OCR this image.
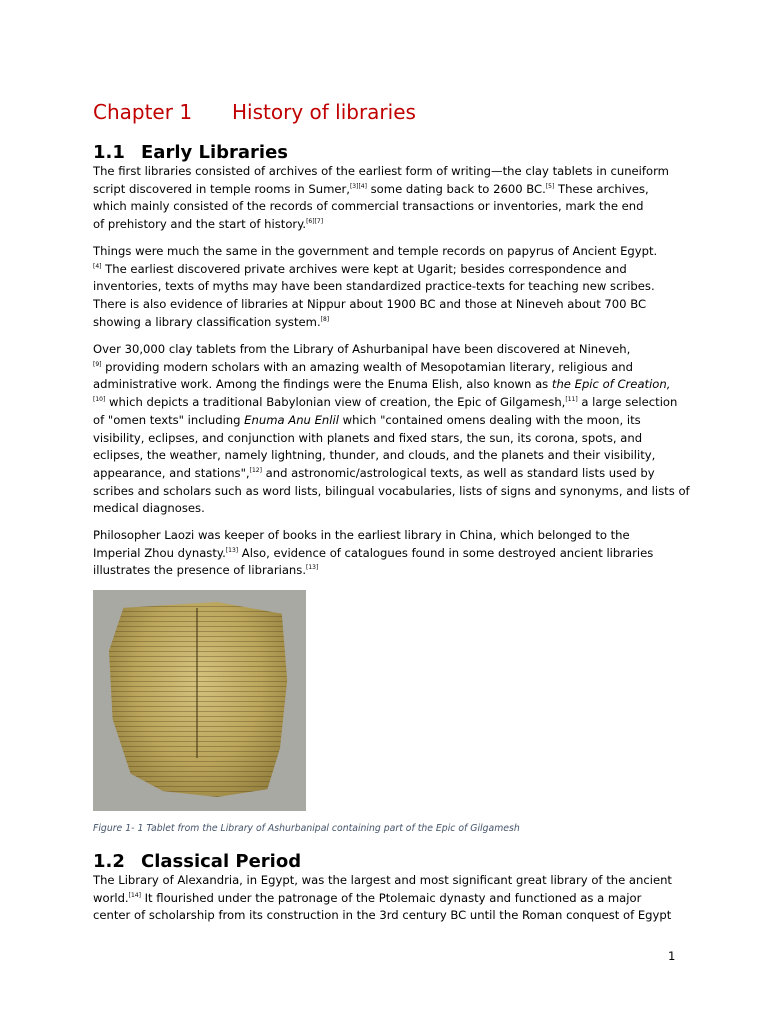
Chapter 1 History of libraries
1.1 Early Libraries
The first libraries consisted of archives of the earliest form of writing—the clay tablets in cuneiform
script discovered in temple rooms in Sumer,[3][4] some dating back to 2600 BC.[5] These archives,
which mainly consisted of the records of commercial transactions or inventories, mark the end
of prehistory and the start of history.[6][7]
Things were much the same in the government and temple records on papyrus of Ancient Egypt.
[4] The earliest discovered private archives were kept at Ugarit; besides correspondence and
inventories, texts of myths may have been standardized practice-texts for teaching new scribes.
There is also evidence of libraries at Nippur about 1900 BC and those at Nineveh about 700 BC
showing a library classification system.[8]
Over 30,000 clay tablets from the Library of Ashurbanipal have been discovered at Nineveh,
[9] providing modern scholars with an amazing wealth of Mesopotamian literary, religious and
administrative work. Among the findings were the Enuma Elish, also known as the Epic of Creation,
[10] which depicts a traditional Babylonian view of creation, the Epic of Gilgamesh,[11] a large selection
of "omen texts" including Enuma Anu Enlil which "contained omens dealing with the moon, its
visibility, eclipses, and conjunction with planets and fixed stars, the sun, its corona, spots, and
eclipses, the weather, namely lightning, thunder, and clouds, and the planets and their visibility,
appearance, and stations",[12] and astronomic/astrological texts, as well as standard lists used by
scribes and scholars such as word lists, bilingual vocabularies, lists of signs and synonyms, and lists of
medical diagnoses.
Philosopher Laozi was keeper of books in the earliest library in China, which belonged to the
Imperial Zhou dynasty.[13] Also, evidence of catalogues found in some destroyed ancient libraries
illustrates the presence of librarians.[13]
Figure 1- 1 Tablet from the Library of Ashurbanipal containing part of the Epic of Gilgamesh
1.2 Classical Period
The Library of Alexandria, in Egypt, was the largest and most significant great library of the ancient
world.[14] It flourished under the patronage of the Ptolemaic dynasty and functioned as a major
center of scholarship from its construction in the 3rd century BC until the Roman conquest of Egypt
1
